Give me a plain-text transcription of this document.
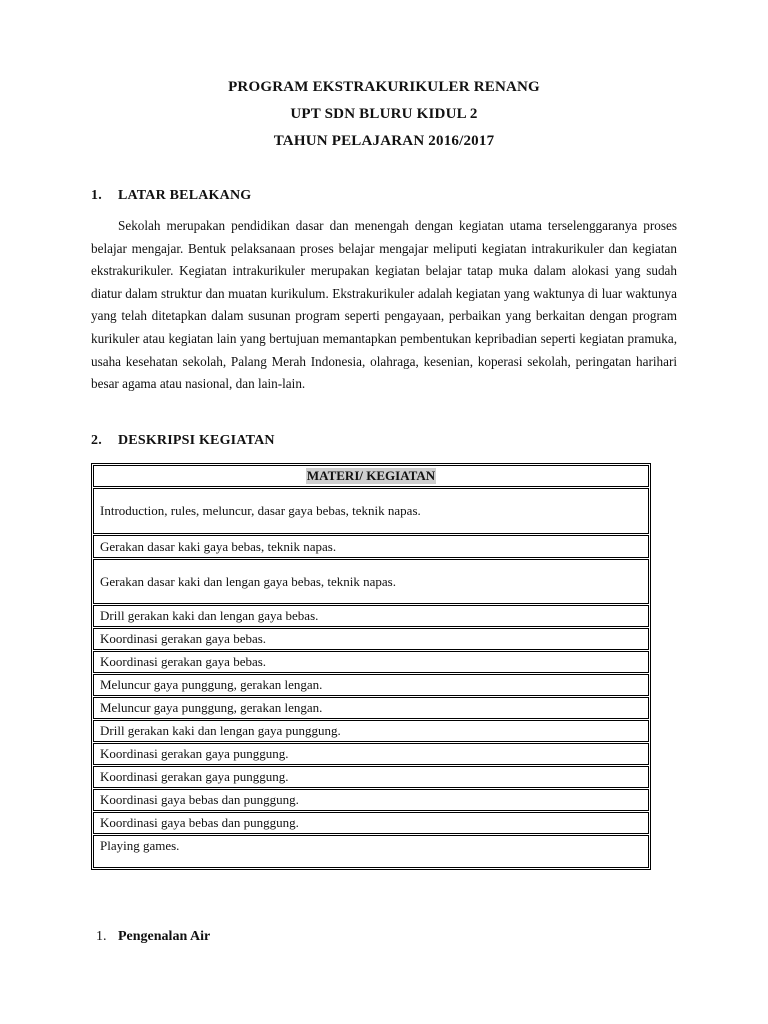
PROGRAM EKSTRAKURIKULER RENANG
UPT SDN BLURU KIDUL 2
TAHUN PELAJARAN 2016/2017
1. LATAR BELAKANG

Sekolah merupakan pendidikan dasar dan menengah dengan kegiatan utama terselenggaranya proses belajar mengajar. Bentuk pelaksanaan proses belajar mengajar meliputi kegiatan intrakurikuler dan kegiatan ekstrakurikuler. Kegiatan intrakurikuler merupakan kegiatan belajar tatap muka dalam alokasi yang sudah diatur dalam struktur dan muatan kurikulum. Ekstrakurikuler adalah kegiatan yang waktunya di luar waktunya yang telah ditetapkan dalam susunan program seperti pengayaan, perbaikan yang berkaitan dengan program kurikuler atau kegiatan lain yang bertujuan memantapkan pembentukan kepribadian seperti kegiatan pramuka, usaha kesehatan sekolah, Palang Merah Indonesia, olahraga, kesenian, koperasi sekolah, peringatan harihari besar agama atau nasional, dan lain-lain.

2. DESKRIPSI KEGIATAN
MATERI/ KEGIATAN
Introduction, rules, meluncur, dasar gaya bebas, teknik napas.
Gerakan dasar kaki gaya bebas, teknik napas.
Gerakan dasar kaki dan lengan gaya bebas, teknik napas.
Drill gerakan kaki dan lengan gaya bebas.
Koordinasi gerakan gaya bebas.
Koordinasi gerakan gaya bebas.
Meluncur gaya punggung, gerakan lengan.
Meluncur gaya punggung, gerakan lengan.
Drill gerakan kaki dan lengan gaya punggung.
Koordinasi gerakan gaya punggung.
Koordinasi gerakan gaya punggung.
Koordinasi gaya bebas dan punggung.
Koordinasi gaya bebas dan punggung.
Playing games.
1. Pengenalan Air
